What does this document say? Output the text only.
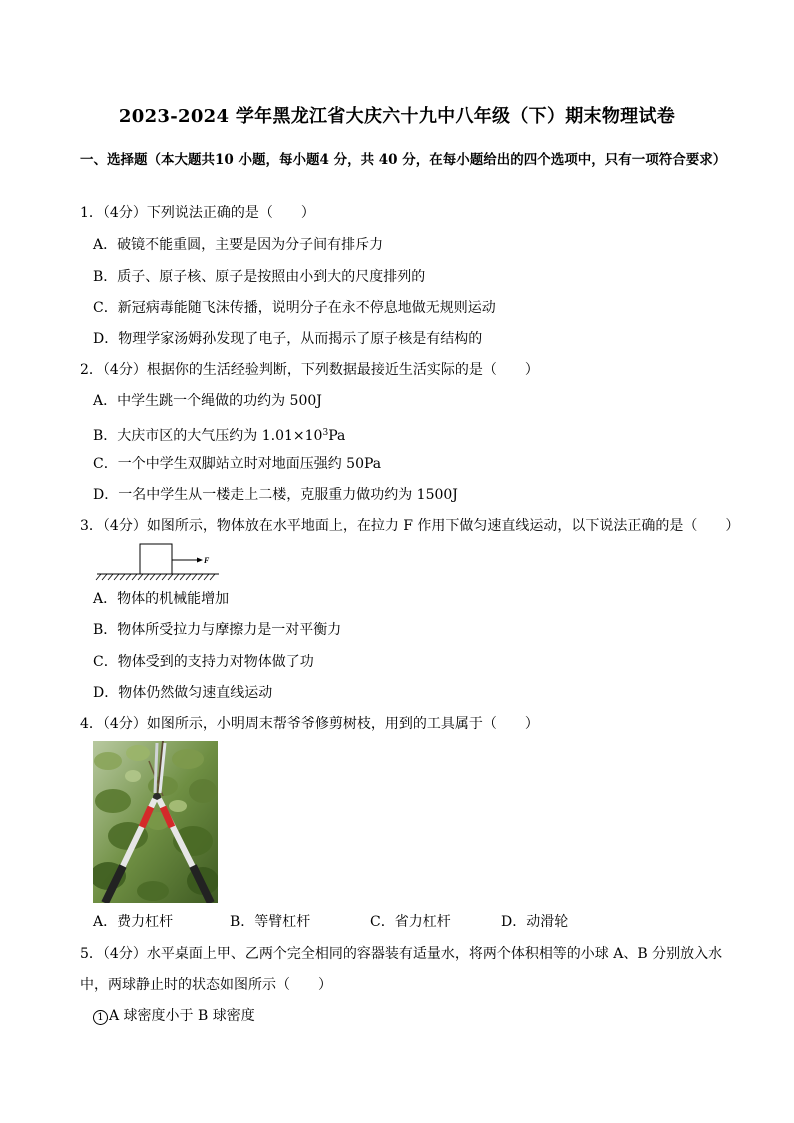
2023-2024 学年黑龙江省大庆六十九中八年级（下）期末物理试卷
一、选择题（本大题共10 小题，每小题4 分，共 40 分，在每小题给出的四个选项中，只有一项符合要求）
1．（4分）下列说法正确的是（　　）
A．破镜不能重圆，主要是因为分子间有排斥力
B．质子、原子核、原子是按照由小到大的尺度排列的
C．新冠病毒能随飞沫传播，说明分子在永不停息地做无规则运动
D．物理学家汤姆孙发现了电子，从而揭示了原子核是有结构的
2．（4分）根据你的生活经验判断，下列数据最接近生活实际的是（　　）
A．中学生跳一个绳做的功约为 500J
B．大庆市区的大气压约为 $1.01\times 10^3Pa$
C．一个中学生双脚站立时对地面压强约 50Pa
D．一名中学生从一楼走上二楼，克服重力做功约为 1500J
3．（4分）如图所示，物体放在水平地面上，在拉力 F 作用下做匀速直线运动，以下说法正确的是（　　）
F
A．物体的机械能增加
B．物体所受拉力与摩擦力是一对平衡力
C．物体受到的支持力对物体做了功
D．物体仍然做匀速直线运动
4．（4分）如图所示，小明周末帮爷爷修剪树枝，用到的工具属于（　　）
A．费力杠杆	B．等臂杠杆	C．省力杠杆	D．动滑轮
5．（4分）水平桌面上甲、乙两个完全相同的容器装有适量水，将两个体积相等的小球 A、B 分别放入水
中，两球静止时的状态如图所示（　　）
1 A 球密度小于 B 球密度
